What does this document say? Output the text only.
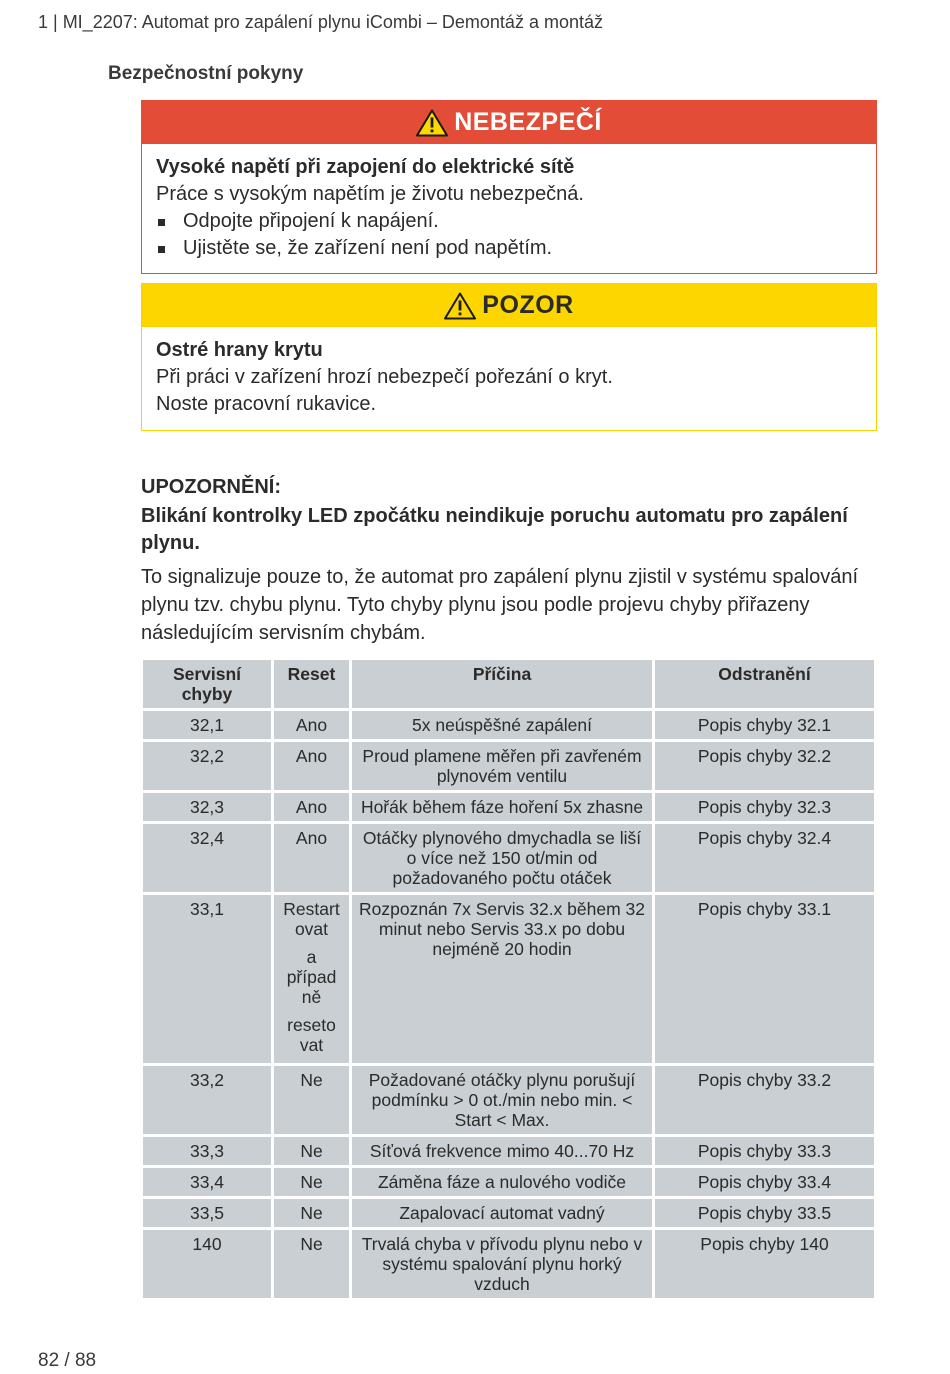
1 | MI_2207: Automat pro zapálení plynu iCombi – Demontáž a montáž
Bezpečnostní pokyny
NEBEZPEČÍ
Vysoké napětí při zapojení do elektrické sítě
Práce s vysokým napětím je životu nebezpečná.
Odpojte připojení k napájení.
Ujistěte se, že zařízení není pod napětím.
POZOR
Ostré hrany krytu
Při práci v zařízení hrozí nebezpečí pořezání o kryt.
Noste pracovní rukavice.
UPOZORNĚNÍ:
Blikání kontrolky LED zpočátku neindikuje poruchu automatu pro zapálení plynu.
To signalizuje pouze to, že automat pro zapálení plynu zjistil v systému spalování plynu tzv. chybu plynu. Tyto chyby plynu jsou podle projevu chyby přiřazeny následujícím servisním chybám.
Servisní chyby	Reset	Příčina	Odstranění
32,1	Ano	5x neúspěšné zapálení	Popis chyby 32.1
32,2	Ano	Proud plamene měřen při zavřeném plynovém ventilu	Popis chyby 32.2
32,3	Ano	Hořák během fáze hoření 5x zhasne	Popis chyby 32.3
32,4	Ano	Otáčky plynového dmychadla se liší o více než 150 ot/min od požadovaného počtu otáček	Popis chyby 32.4
33,1	Restart ovat
a případ ně
reseto vat	Rozpoznán 7x Servis 32.x během 32 minut nebo Servis 33.x po dobu nejméně 20 hodin	Popis chyby 33.1
33,2	Ne	Požadované otáčky plynu porušují podmínku > 0 ot./min nebo min. < Start < Max.	Popis chyby 33.2
33,3	Ne	Síťová frekvence mimo 40...70 Hz	Popis chyby 33.3
33,4	Ne	Záměna fáze a nulového vodiče	Popis chyby 33.4
33,5	Ne	Zapalovací automat vadný	Popis chyby 33.5
140	Ne	Trvalá chyba v přívodu plynu nebo v systému spalování plynu horký vzduch	Popis chyby 140
82 / 88
